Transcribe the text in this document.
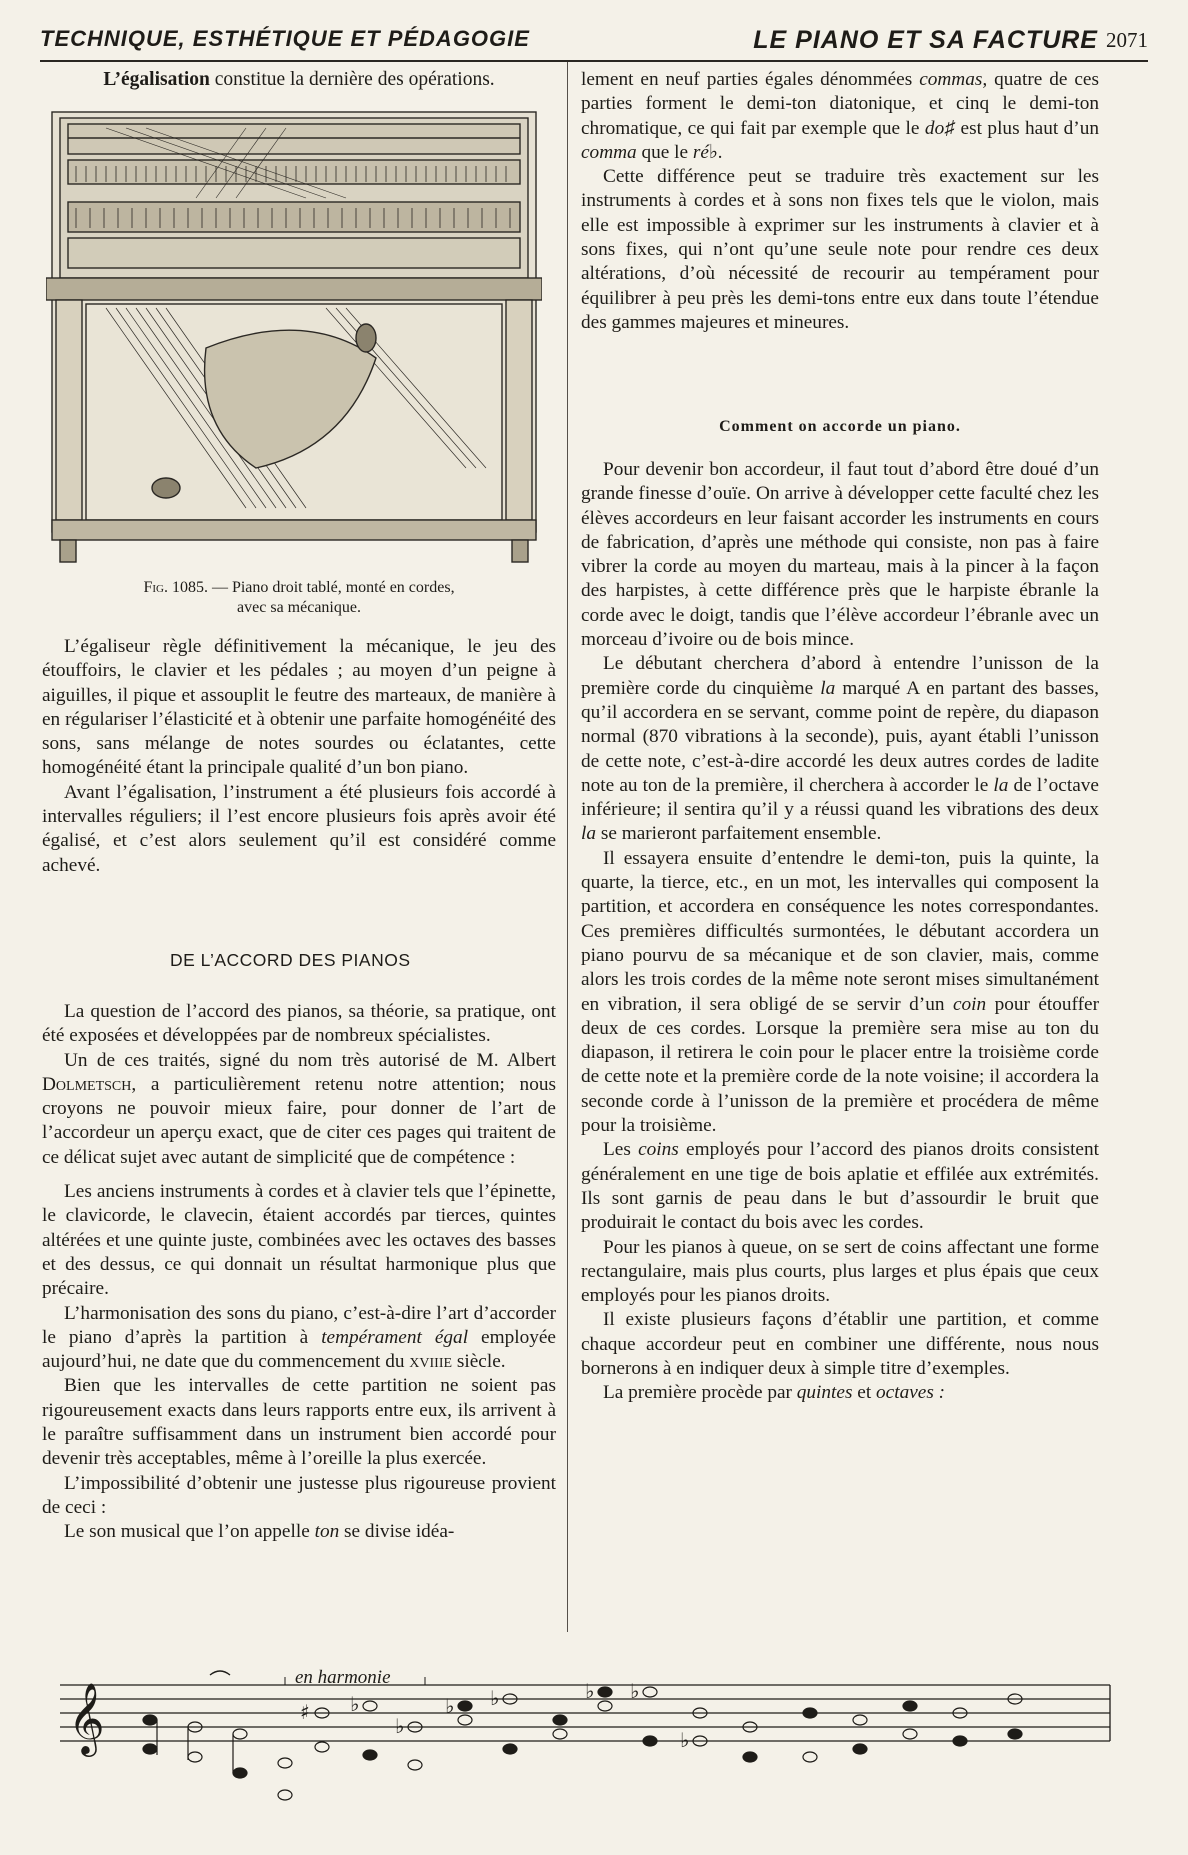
TECHNIQUE, ESTHÉTIQUE ET PÉDAGOGIE	LE PIANO ET SA FACTURE 2071
L’égalisation constitue la dernière des opérations.
Fig. 1085. — Piano droit tablé, monté en cordes,
avec sa mécanique.

L’égaliseur règle définitivement la mécanique, le jeu des étouffoirs, le clavier et les pédales ; au moyen d’un peigne à aiguilles, il pique et assouplit le feutre des marteaux, de manière à en régulariser l’élasticité et à obtenir une parfaite homogénéité des sons, sans mélange de notes sourdes ou éclatantes, cette homogénéité étant la principale qualité d’un bon piano.

Avant l’égalisation, l’instrument a été plusieurs fois accordé à intervalles réguliers; il l’est encore plusieurs fois après avoir été égalisé, et c’est alors seulement qu’il est considéré comme achevé.

DE L’ACCORD DES PIANOS

La question de l’accord des pianos, sa théorie, sa pratique, ont été exposées et développées par de nombreux spécialistes.

Un de ces traités, signé du nom très autorisé de M. Albert Dolmetsch, a particulièrement retenu notre attention; nous croyons ne pouvoir mieux faire, pour donner de l’art de l’accordeur un aperçu exact, que de citer ces pages qui traitent de ce délicat sujet avec autant de simplicité que de compétence :

Les anciens instruments à cordes et à clavier tels que l’épinette, le clavicorde, le clavecin, étaient accordés par tierces, quintes altérées et une quinte juste, combinées avec les octaves des basses et des dessus, ce qui donnait un résultat harmonique plus que précaire.

L’harmonisation des sons du piano, c’est-à-dire l’art d’accorder le piano d’après la partition à tempérament égal employée aujourd’hui, ne date que du commencement du xviiie siècle.

Bien que les intervalles de cette partition ne soient pas rigoureusement exacts dans leurs rapports entre eux, ils arrivent à le paraître suffisamment dans un instrument bien accordé pour devenir très acceptables, même à l’oreille la plus exercée.

L’impossibilité d’obtenir une justesse plus rigoureuse provient de ceci :

Le son musical que l’on appelle ton se divise idéa-

lement en neuf parties égales dénommées commas, quatre de ces parties forment le demi-ton diatonique, et cinq le demi-ton chromatique, ce qui fait par exemple que le do♯ est plus haut d’un comma que le ré♭.

Cette différence peut se traduire très exactement sur les instruments à cordes et à sons non fixes tels que le violon, mais elle est impossible à exprimer sur les instruments à clavier et à sons fixes, qui n’ont qu’une seule note pour rendre ces deux altérations, d’où nécessité de recourir au tempérament pour équilibrer à peu près les demi-tons entre eux dans toute l’étendue des gammes majeures et mineures.

Comment on accorde un piano.

Pour devenir bon accordeur, il faut tout d’abord être doué d’un grande finesse d’ouïe. On arrive à développer cette faculté chez les élèves accordeurs en leur faisant accorder les instruments en cours de fabrication, d’après une méthode qui consiste, non pas à faire vibrer la corde au moyen du marteau, mais à la pincer à la façon des harpistes, à cette différence près que le harpiste ébranle la corde avec le doigt, tandis que l’élève accordeur l’ébranle avec un morceau d’ivoire ou de bois mince.

Le débutant cherchera d’abord à entendre l’unisson de la première corde du cinquième la marqué A en partant des basses, qu’il accordera en se servant, comme point de repère, du diapason normal (870 vibrations à la seconde), puis, ayant établi l’unisson de cette note, c’est-à-dire accordé les deux autres cordes de ladite note au ton de la première, il cherchera à accorder le la de l’octave inférieure; il sentira qu’il y a réussi quand les vibrations des deux la se marieront parfaitement ensemble.

Il essayera ensuite d’entendre le demi-ton, puis la quinte, la quarte, la tierce, etc., en un mot, les intervalles qui composent la partition, et accordera en conséquence les notes correspondantes. Ces premières difficultés surmontées, le débutant accordera un piano pourvu de sa mécanique et de son clavier, mais, comme alors les trois cordes de la même note seront mises simultanément en vibration, il sera obligé de se servir d’un coin pour étouffer deux de ces cordes. Lorsque la première sera mise au ton du diapason, il retirera le coin pour le placer entre la troisième corde de cette note et la première corde de la note voisine; il accordera la seconde corde à l’unisson de la première et procédera de même pour la troisième.

Les coins employés pour l’accord des pianos droits consistent généralement en une tige de bois aplatie et effilée aux extrémités. Ils sont garnis de peau dans le but d’assourdir le bruit que produirait le contact du bois avec les cordes.

Pour les pianos à queue, on se sert de coins affectant une forme rectangulaire, mais plus courts, plus larges et plus épais que ceux employés pour les pianos droits.

Il existe plusieurs façons d’établir une partition, et comme chaque accordeur peut en combiner une différente, nous nous bornerons à en indiquer deux à simple titre d’exemples.

La première procède par quintes et octaves :

𝄞
en harmonie
♯ ♭
♭
♭ ♭	♭ ♭
♭
